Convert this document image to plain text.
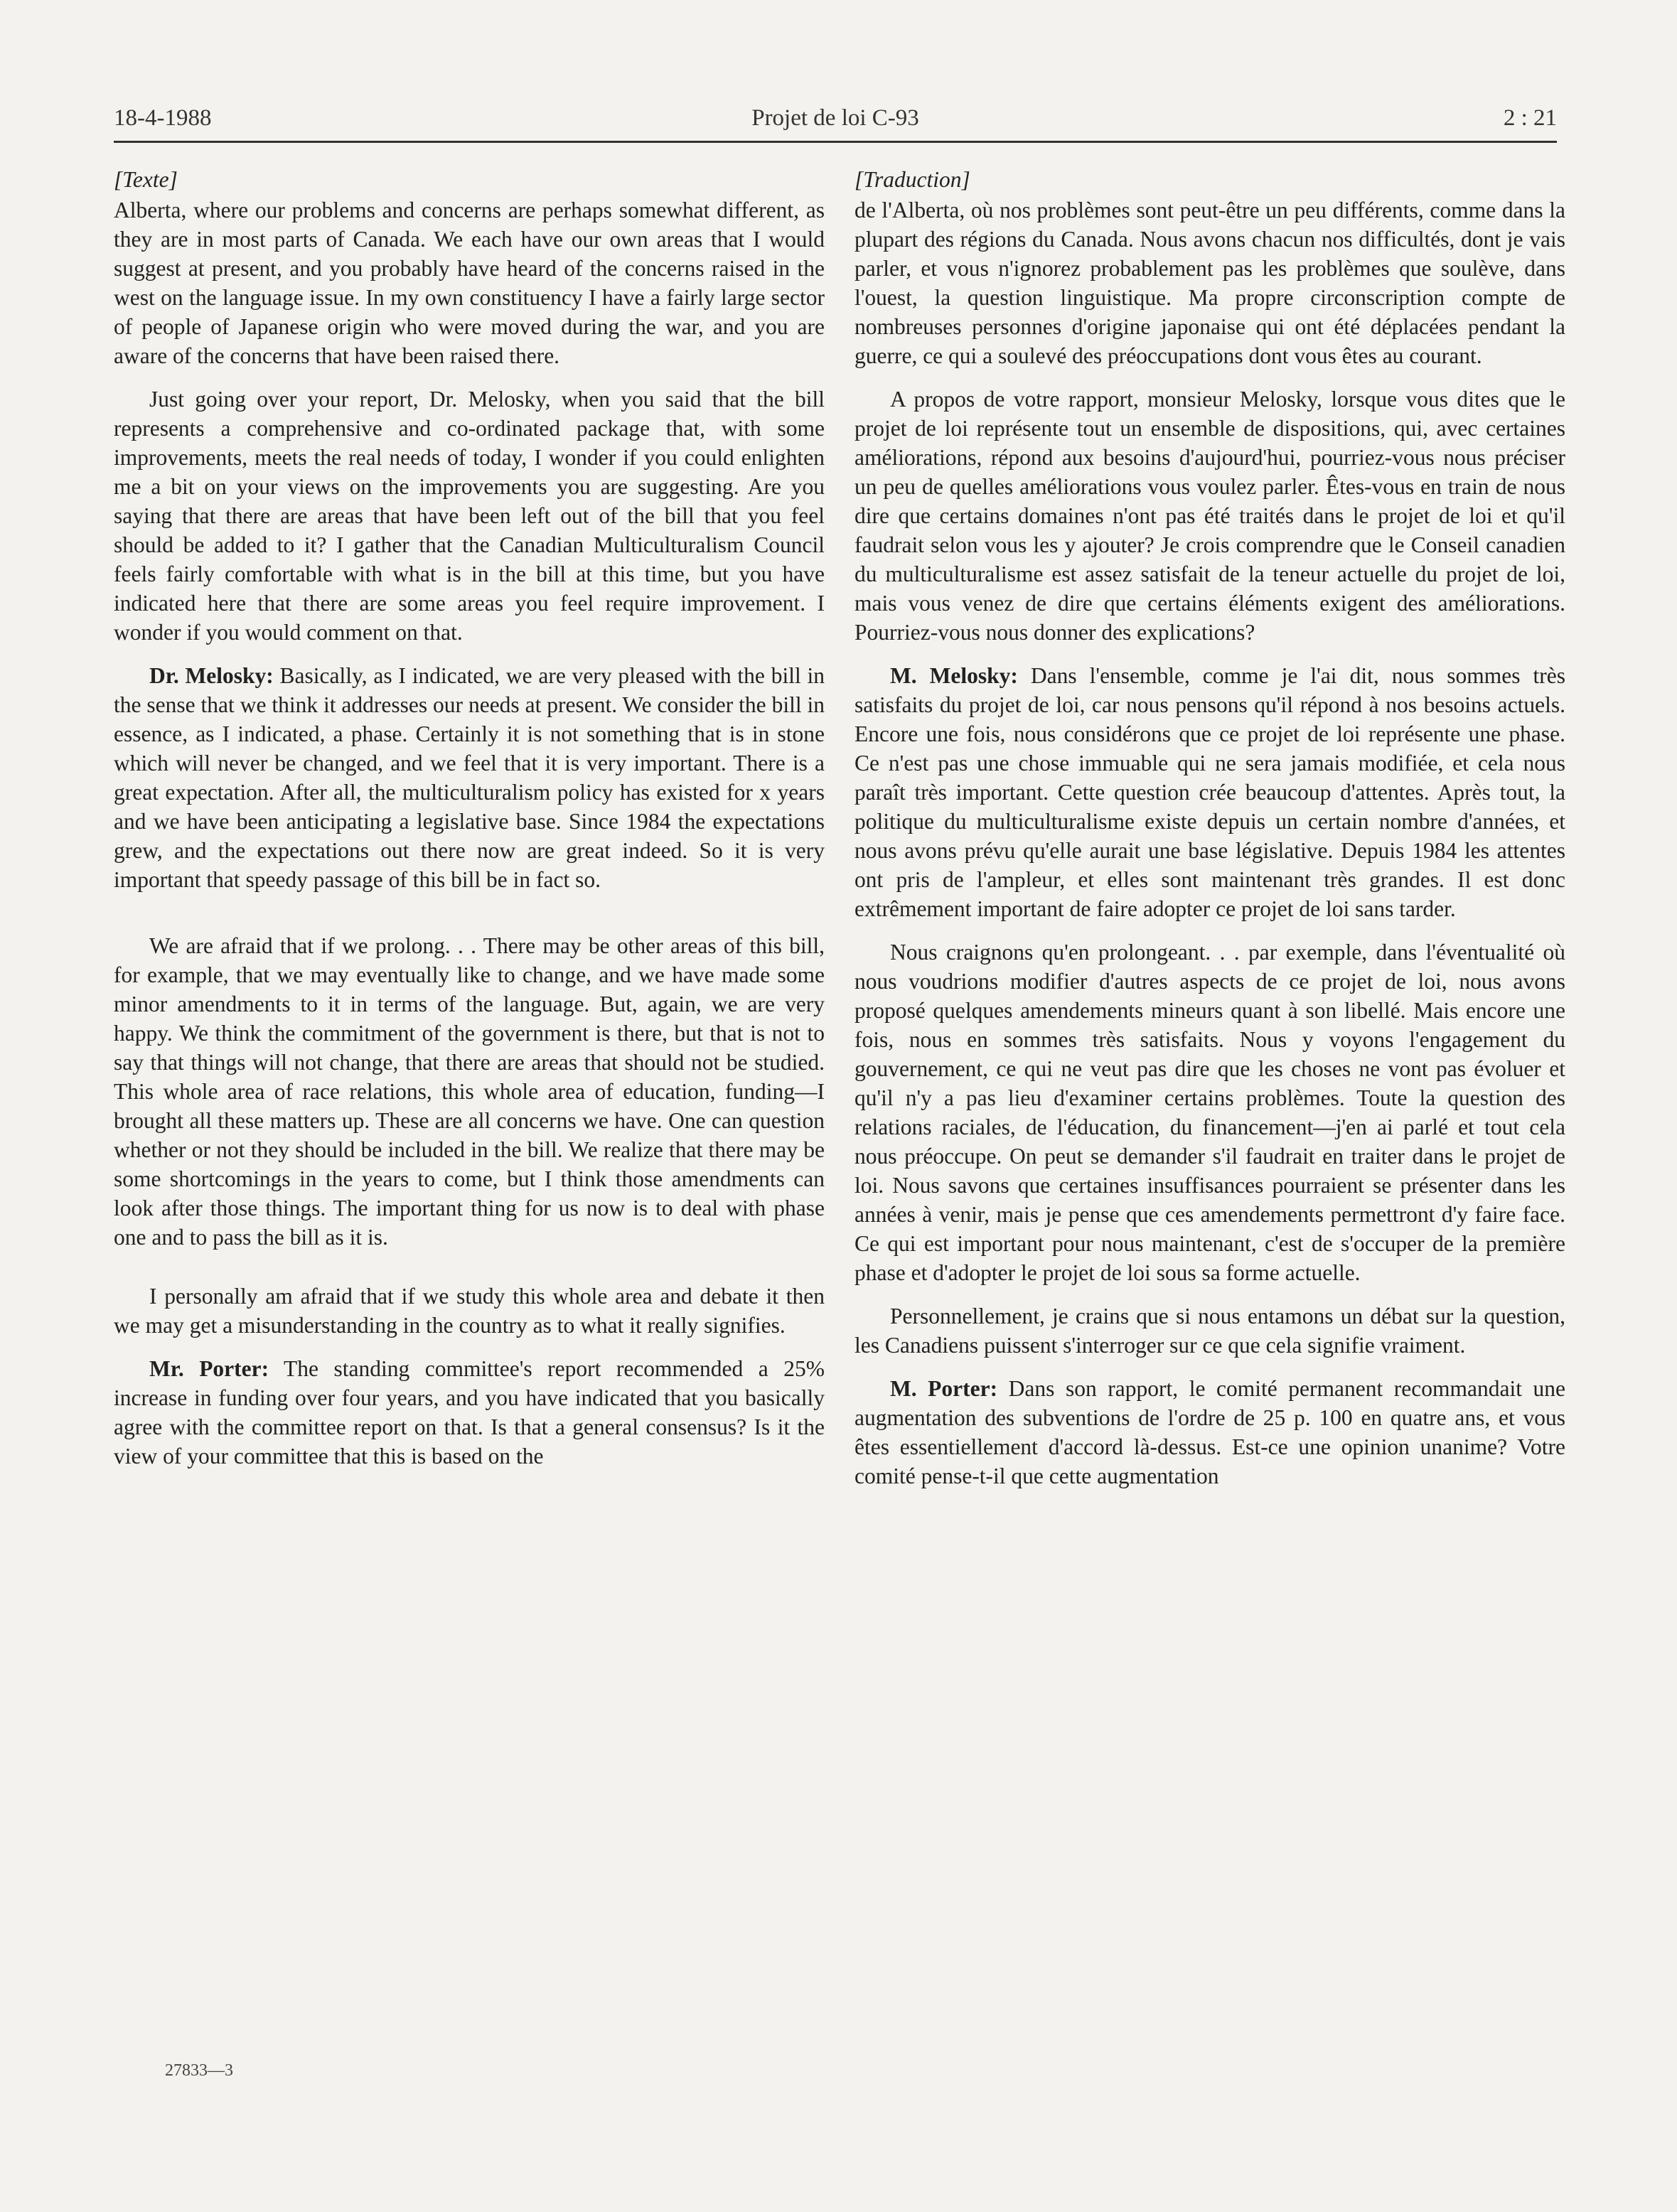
18-4-1988	Projet de loi C-93	2 : 21
[Texte]

Alberta, where our problems and concerns are perhaps somewhat different, as they are in most parts of Canada. We each have our own areas that I would suggest at present, and you probably have heard of the concerns raised in the west on the language issue. In my own constituency I have a fairly large sector of people of Japanese origin who were moved during the war, and you are aware of the concerns that have been raised there.

Just going over your report, Dr. Melosky, when you said that the bill represents a comprehensive and co-ordinated package that, with some improvements, meets the real needs of today, I wonder if you could enlighten me a bit on your views on the improvements you are suggesting. Are you saying that there are areas that have been left out of the bill that you feel should be added to it? I gather that the Canadian Multiculturalism Council feels fairly comfortable with what is in the bill at this time, but you have indicated here that there are some areas you feel require improvement. I wonder if you would comment on that.

Dr. Melosky: Basically, as I indicated, we are very pleased with the bill in the sense that we think it addresses our needs at present. We consider the bill in essence, as I indicated, a phase. Certainly it is not something that is in stone which will never be changed, and we feel that it is very important. There is a great expectation. After all, the multiculturalism policy has existed for x years and we have been anticipating a legislative base. Since 1984 the expectations grew, and the expectations out there now are great indeed. So it is very important that speedy passage of this bill be in fact so.

We are afraid that if we prolong. . . There may be other areas of this bill, for example, that we may eventually like to change, and we have made some minor amendments to it in terms of the language. But, again, we are very happy. We think the commitment of the government is there, but that is not to say that things will not change, that there are areas that should not be studied. This whole area of race relations, this whole area of education, funding—I brought all these matters up. These are all concerns we have. One can question whether or not they should be included in the bill. We realize that there may be some shortcomings in the years to come, but I think those amendments can look after those things. The important thing for us now is to deal with phase one and to pass the bill as it is.

I personally am afraid that if we study this whole area and debate it then we may get a misunderstanding in the country as to what it really signifies.

Mr. Porter: The standing committee's report recommended a 25% increase in funding over four years, and you have indicated that you basically agree with the committee report on that. Is that a general consensus? Is it the view of your committee that this is based on the

[Traduction]

de l'Alberta, où nos problèmes sont peut-être un peu différents, comme dans la plupart des régions du Canada. Nous avons chacun nos difficultés, dont je vais parler, et vous n'ignorez probablement pas les problèmes que soulève, dans l'ouest, la question linguistique. Ma propre circonscription compte de nombreuses personnes d'origine japonaise qui ont été déplacées pendant la guerre, ce qui a soulevé des préoccupations dont vous êtes au courant.

A propos de votre rapport, monsieur Melosky, lorsque vous dites que le projet de loi représente tout un ensemble de dispositions, qui, avec certaines améliorations, répond aux besoins d'aujourd'hui, pourriez-vous nous préciser un peu de quelles améliorations vous voulez parler. Êtes-vous en train de nous dire que certains domaines n'ont pas été traités dans le projet de loi et qu'il faudrait selon vous les y ajouter? Je crois comprendre que le Conseil canadien du multiculturalisme est assez satisfait de la teneur actuelle du projet de loi, mais vous venez de dire que certains éléments exigent des améliorations. Pourriez-vous nous donner des explications?

M. Melosky: Dans l'ensemble, comme je l'ai dit, nous sommes très satisfaits du projet de loi, car nous pensons qu'il répond à nos besoins actuels. Encore une fois, nous considérons que ce projet de loi représente une phase. Ce n'est pas une chose immuable qui ne sera jamais modifiée, et cela nous paraît très important. Cette question crée beaucoup d'attentes. Après tout, la politique du multiculturalisme existe depuis un certain nombre d'années, et nous avons prévu qu'elle aurait une base législative. Depuis 1984 les attentes ont pris de l'ampleur, et elles sont maintenant très grandes. Il est donc extrêmement important de faire adopter ce projet de loi sans tarder.

Nous craignons qu'en prolongeant. . . par exemple, dans l'éventualité où nous voudrions modifier d'autres aspects de ce projet de loi, nous avons proposé quelques amendements mineurs quant à son libellé. Mais encore une fois, nous en sommes très satisfaits. Nous y voyons l'engagement du gouvernement, ce qui ne veut pas dire que les choses ne vont pas évoluer et qu'il n'y a pas lieu d'examiner certains problèmes. Toute la question des relations raciales, de l'éducation, du financement—j'en ai parlé et tout cela nous préoccupe. On peut se demander s'il faudrait en traiter dans le projet de loi. Nous savons que certaines insuffisances pourraient se présenter dans les années à venir, mais je pense que ces amendements permettront d'y faire face. Ce qui est important pour nous maintenant, c'est de s'occuper de la première phase et d'adopter le projet de loi sous sa forme actuelle.

Personnellement, je crains que si nous entamons un débat sur la question, les Canadiens puissent s'interroger sur ce que cela signifie vraiment.

M. Porter: Dans son rapport, le comité permanent recommandait une augmentation des subventions de l'ordre de 25 p. 100 en quatre ans, et vous êtes essentiellement d'accord là-dessus. Est-ce une opinion unanime? Votre comité pense-t-il que cette augmentation

27833—3
